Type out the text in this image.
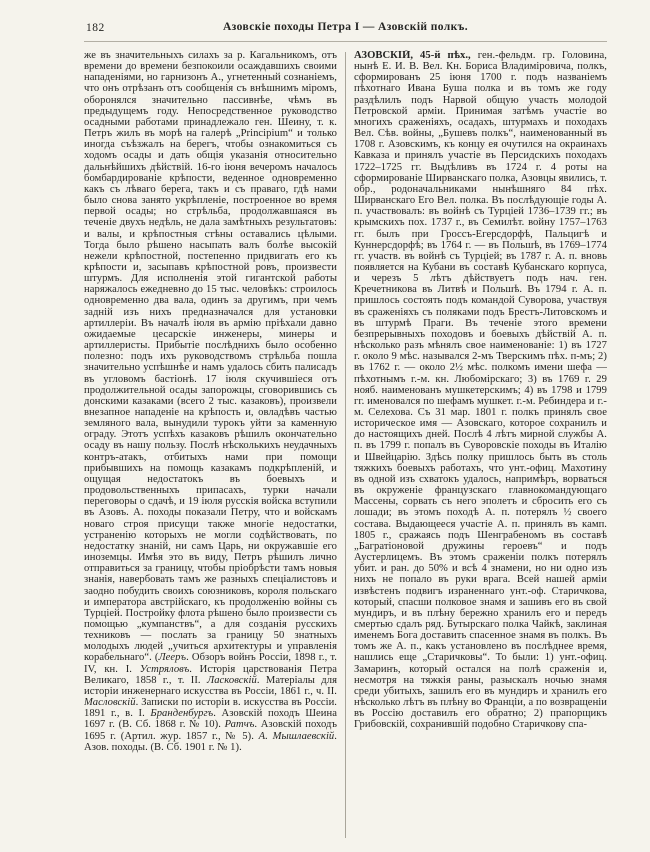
182	Азовскіе походы Петра I — Азовскій полкъ.

же въ значительныхъ силахъ за р. Кагальникомъ, отъ времени до времени безпокоили осаждавшихъ своими нападеніями, но гарнизонъ А., угнетенный сознаніемъ, что онъ отрѣзанъ отъ сообщенія съ внѣшнимъ міромъ, оборонялся значительно пассивнѣе, чѣмъ въ предыдущемъ году. Непосредственное руководство осадными работами принадлежало ген. Шеину, т. к. Петръ жилъ въ морѣ на галерѣ „Principium“ и только иногда съѣзжалъ на берегъ, чтобы ознакомиться съ ходомъ осады и дать общія указанія относительно дальнѣйшихъ дѣйствій. 16-го іюня вечеромъ началось бомбардированіе крѣпости, веденное одновременно какъ съ лѣваго берега, такъ и съ праваго, гдѣ нами было снова занято укрѣпленіе, построенное во время первой осады; но стрѣльба, продолжавшаяся въ теченіе двухъ недѣль, не дала замѣтныхъ результатовъ: и валы, и крѣпостныя стѣны оставались цѣлыми. Тогда было рѣшено насыпать валъ болѣе высокій нежели крѣпостной, постепенно придвигать его къ крѣпости и, засыпавъ крѣпостной ровъ, произвести штурмъ. Для исполненія этой гигантской работы наряжалось ежедневно до 15 тыс. человѣкъ: строилось одновременно два вала, одинъ за другимъ, при чемъ задній изъ нихъ предназначался для установки артиллеріи. Въ началѣ іюля въ армію пріѣхали давно ожидаемые цесарскіе инженеры, минеры и артиллеристы. Прибытіе послѣднихъ было особенно полезно: подъ ихъ руководствомъ стрѣльба пошла значительно успѣшнѣе и намъ удалось сбить палисадъ въ угловомъ бастіонѣ. 17 іюля скучившіеся отъ продолжительной осады запорожцы, сговорившись съ донскими казаками (всего 2 тыс. казаковъ), произвели внезапное нападеніе на крѣпость и, овладѣвъ частью земляного вала, вынудили турокъ уйти за каменную ограду. Этотъ успѣхъ казаковъ рѣшилъ окончательно осаду въ нашу пользу. Послѣ нѣсколькихъ неудачныхъ контръ-атакъ, отбитыхъ нами при помощи прибывшихъ на помощь казакамъ подкрѣпленій, и ощущая недостатокъ въ боевыхъ и продовольственныхъ припасахъ, турки начали переговоры о сдачѣ, и 19 іюля русскія войска вступили въ Азовъ. А. походы показали Петру, что и войскамъ новаго строя присущи также многіе недостатки, устраненію которыхъ не могли содѣйствовать, по недостатку знаній, ни самъ Царь, ни окружавшіе его иноземцы. Имѣя это въ виду, Петръ рѣшилъ лично отправиться за границу, чтобы пріобрѣсти тамъ новыя знанія, навербовать тамъ же разныхъ спеціалистовъ и заодно побудить своихъ союзниковъ, короля польскаго и императора австрійскаго, къ продолженію войны съ Турціей. Постройку флота рѣшено было произвести съ помощью „кумпанствъ“, а для созданія русскихъ техниковъ — послать за границу 50 знатныхъ молодыхъ людей „учиться архитектуры и управленія корабельнаго“. (Лееръ. Обзоръ войнъ Россіи, 1898 г., т. IV, кн. I. Устряловъ. Исторія царствованія Петра Великаго, 1858 г., т. II. Ласковскій. Матеріалы для исторіи инженернаго искусства въ Россіи, 1861 г., ч. II. Масловскій. Записки по исторіи в. искусства въ Россіи. 1891 г., в. I. Бранденбургъ. Азовскій походъ Шеина 1697 г. (В. Сб. 1868 г. № 10). Ратчъ. Азовскій походъ 1695 г. (Артил. жур. 1857 г., № 5). А. Мышлаевскій. Азов. походы. (В. Сб. 1901 г. № 1).

АЗОВСКІЙ, 45-й пѣх., ген.-фельдм. гр. Головина, нынѣ Е. И. В. Вел. Кн. Бориса Владиміровича, полкъ, сформированъ 25 іюня 1700 г. подъ названіемъ пѣхотнаго Ивана Буша полка и въ томъ же году раздѣлилъ подъ Нарвой общую участь молодой Петровской арміи. Принимая затѣмъ участіе во многихъ сраженіяхъ, осадахъ, штурмахъ и походахъ Вел. Сѣв. войны, „Бушевъ полкъ“, наименованный въ 1708 г. Азовскимъ, къ концу ея очутился на окраинахъ Кавказа и принялъ участіе въ Персидскихъ походахъ 1722–1725 гг. Выдѣливъ въ 1724 г. 4 роты на сформированіе Ширванскаго полка, Азовцы явились, т. обр., родоначальниками нынѣшняго 84 пѣх. Ширванскаго Его Вел. полка. Въ послѣдующіе годы А. п. участвовалъ: въ войнѣ съ Турціей 1736–1739 гг.; въ крымскихъ пох. 1737 г., въ Семилѣт. войну 1757–1763 гг. былъ при Гроссъ-Егерсдорфѣ, Пальцигѣ и Куннерсдорфѣ; въ 1764 г. — въ Польшѣ, въ 1769–1774 гг. участв. въ войнѣ съ Турціей; въ 1787 г. А. п. вновь появляется на Кубани въ составѣ Кубанскаго корпуса, и черезъ 5 лѣтъ дѣйствуетъ подъ нач. ген. Кречетникова въ Литвѣ и Польшѣ. Въ 1794 г. А. п. пришлось состоять подъ командой Суворова, участвуя въ сраженіяхъ съ поляками подъ Брестъ-Литовскомъ и въ штурмѣ Праги. Въ теченіе этого времени безпрерывныхъ походовъ и боевыхъ дѣйствій А. п. нѣсколько разъ мѣнялъ свое наименованіе: 1) въ 1727 г. около 9 мѣс. назывался 2-мъ Тверскимъ пѣх. п-мъ; 2) въ 1762 г. — около 2½ мѣс. полкомъ имени шефа — пѣхотнымъ г.-м. кн. Любомірскаго; 3) въ 1769 г. 29 нояб. наименованъ мушкетерскимъ; 4) въ 1798 и 1799 гг. именовался по шефамъ мушкет. г.-м. Ребиндера и г.-м. Селехова. Съ 31 мар. 1801 г. полкъ принялъ свое историческое имя — Азовскаго, которое сохранилъ и до настоящихъ дней. Послѣ 4 лѣтъ мирной службы А. п. въ 1799 г. попалъ въ Суворовскіе походы въ Италію и Швейцарію. Здѣсь полку пришлось быть въ столь тяжкихъ боевыхъ работахъ, что унт.-офиц. Махотину въ одной изъ схватокъ удалось, напримѣръ, ворваться въ окруженіе французскаго главнокомандующаго Массены, сорвать съ него эполетъ и сбросить его съ лошади; въ этомъ походѣ А. п. потерялъ ½ своего состава. Выдающееся участіе А. п. принялъ въ камп. 1805 г., сражаясь подъ Шенграбеномъ въ составѣ „Багратіоновой дружины героевъ“ и подъ Аустерлицемъ. Въ этомъ сраженіи полкъ потерялъ убит. и ран. до 50% и всѣ 4 знамени, но ни одно изъ нихъ не попало въ руки врага. Всей нашей арміи извѣстенъ подвигъ израненнаго унт.-оф. Старичкова, который, спасши полковое знамя и зашивъ его въ свой мундиръ, и въ плѣну бережно хранилъ его и передъ смертью сдалъ ряд. Бутырскаго полка Чайкѣ, заклиная именемъ Бога доставить спасенное знамя въ полкъ. Въ томъ же А. п., какъ установлено въ послѣднее время, нашлись еще „Старичковы“. То были: 1) унт.-офиц. Замаринъ, который остался на полѣ сраженія и, несмотря на тяжкія раны, разыскалъ ночью знамя среди убитыхъ, зашилъ его въ мундиръ и хранилъ его нѣсколько лѣтъ въ плѣну во Франціи, а по возвращеніи въ Россію доставилъ его обратно; 2) прапорщикъ Грибовскій, сохранившій подобно Старичкову спа-
